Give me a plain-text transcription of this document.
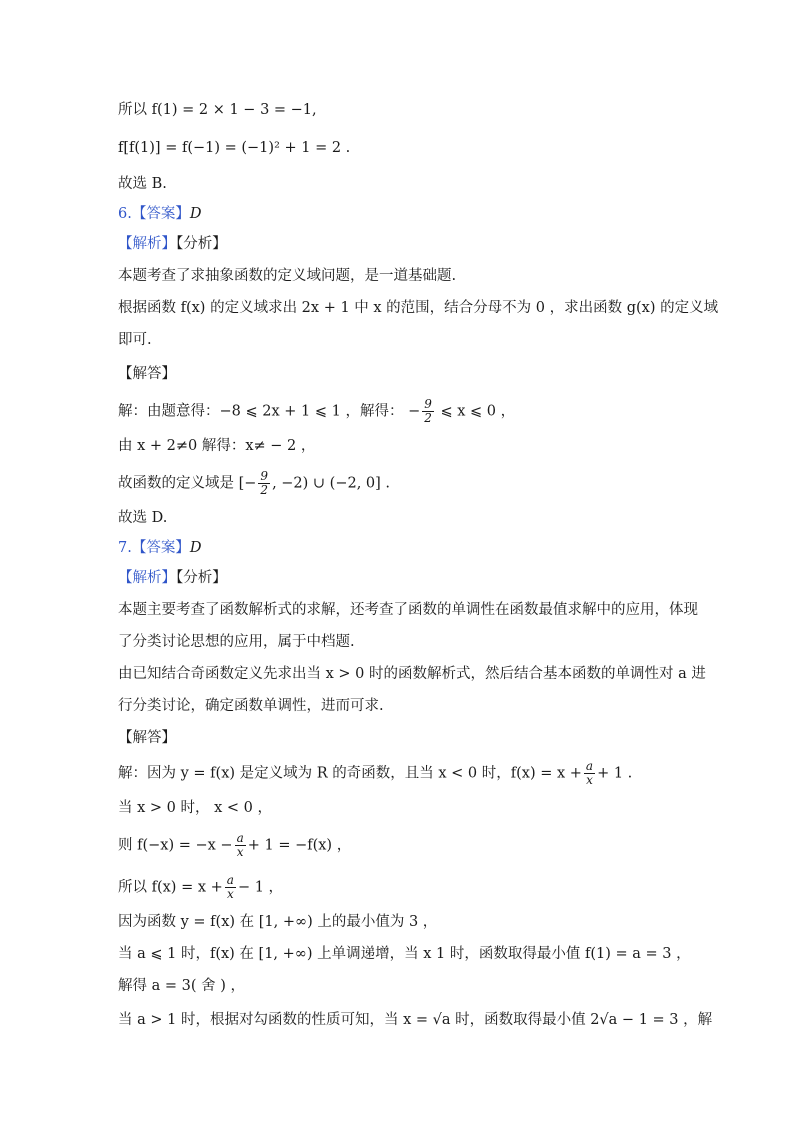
所以 f(1) = 2 × 1 − 3 = −1,
f[f(1)] = f(−1) = (−1)² + 1 = 2 .
故选 B.
6.【答案】D
【解析】【分析】
本题考查了求抽象函数的定义域问题，是一道基础题.
根据函数 f(x) 的定义域求出 2x + 1 中 x 的范围，结合分母不为 0 ，求出函数 g(x) 的定义域
即可.
【解答】
解：由题意得：−8 ⩽ 2x + 1 ⩽ 1 ，解得： − $\frac{9}{2}$ ⩽ x ⩽ 0 ，
由 x + 2≠0 解得：x≠ − 2 ，
故函数的定义域是 [− $\frac{9}{2}$ , −2) ∪ (−2, 0] .
故选 D.
7.【答案】D
【解析】【分析】
本题主要考查了函数解析式的求解，还考查了函数的单调性在函数最值求解中的应用，体现
了分类讨论思想的应用，属于中档题.
由已知结合奇函数定义先求出当 x > 0 时的函数解析式，然后结合基本函数的单调性对 a 进
行分类讨论，确定函数单调性，进而可求.
【解答】
解：因为 y = f(x) 是定义域为 R 的奇函数，且当 x < 0 时，$f(x) = x + \frac{a}{x} + 1$ .
当 x > 0 时， x < 0 ，
则 $f(-x) = -x - \frac{a}{x} + 1 = -f(x)$ ，
所以 $f(x) = x + \frac{a}{x} - 1$ ，
因为函数 y = f(x) 在 [1, +∞) 上的最小值为 3 ，
当 a ⩽ 1 时，f(x) 在 [1, +∞) 上单调递增，当 x 1 时，函数取得最小值 f(1) = a = 3 ，
解得 a = 3( 舍 ) ，
当 a > 1 时，根据对勾函数的性质可知，当 x = √a 时，函数取得最小值 2√a − 1 = 3 ，解
